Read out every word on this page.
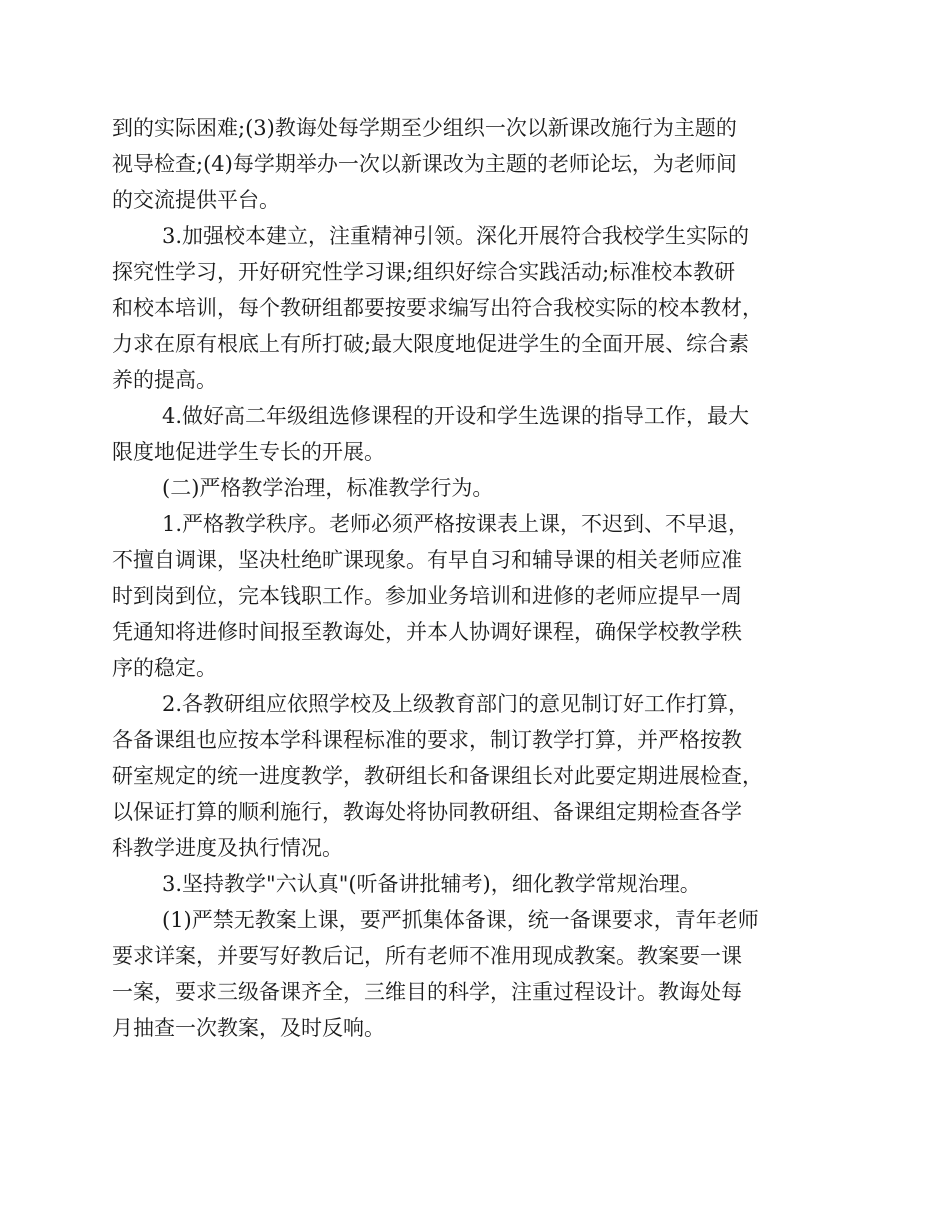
到的实际困难;(3)教诲处每学期至少组织一次以新课改施行为主题的
视导检查;(4)每学期举办一次以新课改为主题的老师论坛，为老师间
的交流提供平台。
3.加强校本建立，注重精神引领。深化开展符合我校学生实际的
探究性学习，开好研究性学习课;组织好综合实践活动;标准校本教研
和校本培训，每个教研组都要按要求编写出符合我校实际的校本教材，
力求在原有根底上有所打破;最大限度地促进学生的全面开展、综合素
养的提高。
4.做好高二年级组选修课程的开设和学生选课的指导工作，最大
限度地促进学生专长的开展。
(二)严格教学治理，标准教学行为。
1.严格教学秩序。老师必须严格按课表上课，不迟到、不早退，
不擅自调课，坚决杜绝旷课现象。有早自习和辅导课的相关老师应准
时到岗到位，完本钱职工作。参加业务培训和进修的老师应提早一周
凭通知将进修时间报至教诲处，并本人协调好课程，确保学校教学秩
序的稳定。
2.各教研组应依照学校及上级教育部门的意见制订好工作打算，
各备课组也应按本学科课程标准的要求，制订教学打算，并严格按教
研室规定的统一进度教学，教研组长和备课组长对此要定期进展检查，
以保证打算的顺利施行，教诲处将协同教研组、备课组定期检查各学
科教学进度及执行情况。
3.坚持教学"六认真"(听备讲批辅考)，细化教学常规治理。
(1)严禁无教案上课，要严抓集体备课，统一备课要求，青年老师
要求详案，并要写好教后记，所有老师不准用现成教案。教案要一课
一案，要求三级备课齐全，三维目的科学，注重过程设计。教诲处每
月抽查一次教案，及时反响。
